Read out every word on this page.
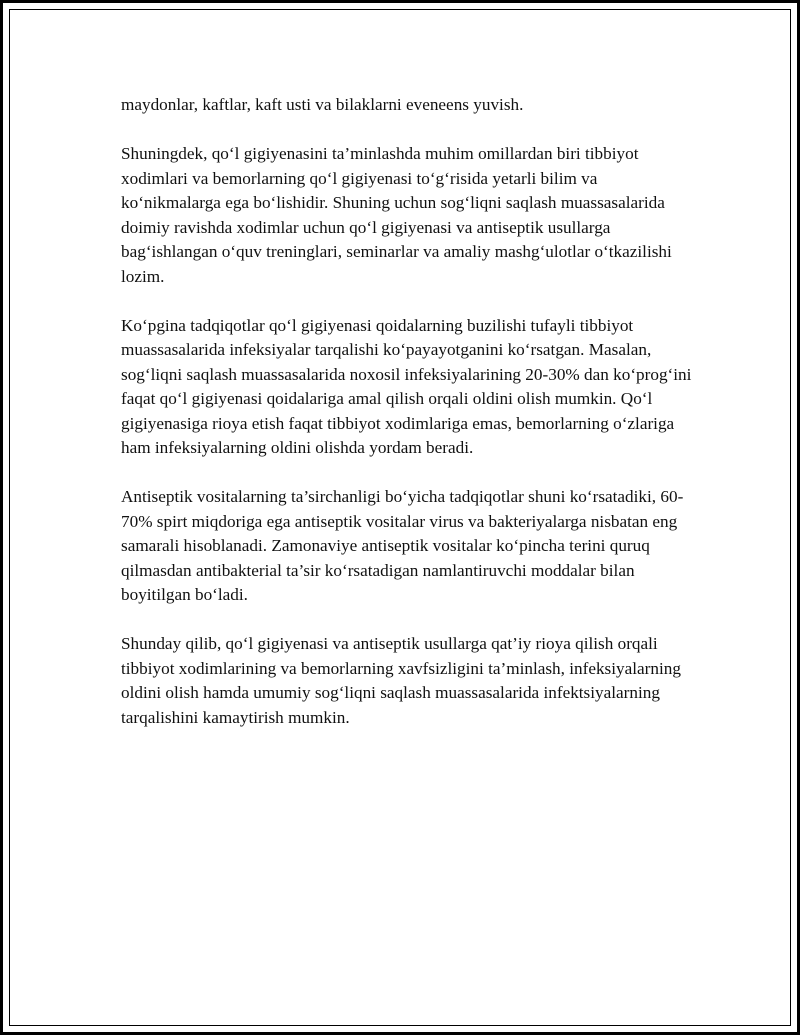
maydonlar, kaftlar, kaft usti va bilaklarni eveneens yuvish.

Shuningdek, qo‘l gigiyenasini ta’minlashda muhim omillardan biri tibbiyot xodimlari va bemorlarning qo‘l gigiyenasi to‘g‘risida yetarli bilim va ko‘nikmalarga ega bo‘lishidir. Shuning uchun sog‘liqni saqlash muassasalarida doimiy ravishda xodimlar uchun qo‘l gigiyenasi va antiseptik usullarga bag‘ishlangan o‘quv treninglari, seminarlar va amaliy mashg‘ulotlar o‘tkazilishi lozim.

Ko‘pgina tadqiqotlar qo‘l gigiyenasi qoidalarning buzilishi tufayli tibbiyot muassasalarida infeksiyalar tarqalishi ko‘payayotganini ko‘rsatgan. Masalan, sog‘liqni saqlash muassasalarida noxosil infeksiyalarining 20-30% dan ko‘prog‘ini faqat qo‘l gigiyenasi qoidalariga amal qilish orqali oldini olish mumkin. Qo‘l gigiyenasiga rioya etish faqat tibbiyot xodimlariga emas, bemorlarning o‘zlariga ham infeksiyalarning oldini olishda yordam beradi.

Antiseptik vositalarning ta’sirchanligi bo‘yicha tadqiqotlar shuni ko‘rsatadiki, 60-70% spirt miqdoriga ega antiseptik vositalar virus va bakteriyalarga nisbatan eng samarali hisoblanadi. Zamonaviye antiseptik vositalar ko‘pincha terini quruq qilmasdan antibakterial ta’sir ko‘rsatadigan namlantiruvchi moddalar bilan boyitilgan bo‘ladi.

Shunday qilib, qo‘l gigiyenasi va antiseptik usullarga qat’iy rioya qilish orqali tibbiyot xodimlarining va bemorlarning xavfsizligini ta’minlash, infeksiyalarning oldini olish hamda umumiy sog‘liqni saqlash muassasalarida infektsiyalarning tarqalishini kamaytirish mumkin.
